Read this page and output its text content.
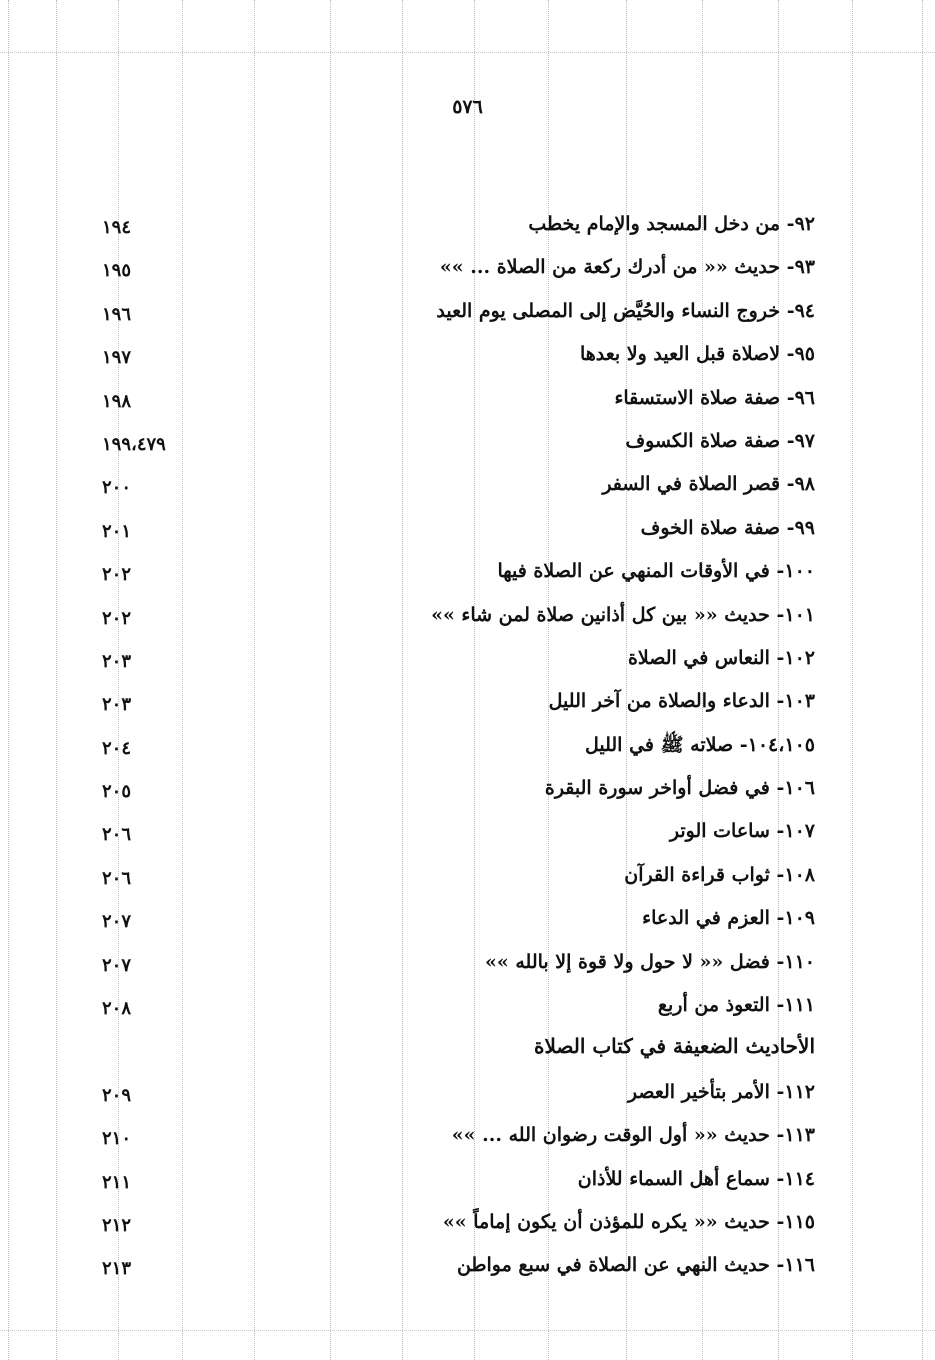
٥٧٦
٩٢- من دخل المسجد والإمام يخطب
١٩٤
٩٣- حديث «« من أدرك ركعة من الصلاة ... »»
١٩٥
٩٤- خروج النساء والحُيَّض إلى المصلى يوم العيد
١٩٦
٩٥- لاصلاة قبل العيد ولا بعدها
١٩٧
٩٦- صفة صلاة الاستسقاء
١٩٨
٩٧- صفة صلاة الكسوف
١٩٩،٤٧٩
٩٨- قصر الصلاة في السفر
٢٠٠
٩٩- صفة صلاة الخوف
٢٠١
١٠٠- في الأوقات المنهي عن الصلاة فيها
٢٠٢
١٠١- حديث «« بين كل أذانين صلاة لمن شاء »»
٢٠٢
١٠٢- النعاس في الصلاة
٢٠٣
١٠٣- الدعاء والصلاة من آخر الليل
٢٠٣
١٠٤،١٠٥- صلاته ﷺ في الليل
٢٠٤
١٠٦- في فضل أواخر سورة البقرة
٢٠٥
١٠٧- ساعات الوتر
٢٠٦
١٠٨- ثواب قراءة القرآن
٢٠٦
١٠٩- العزم في الدعاء
٢٠٧
١١٠- فضل «« لا حول ولا قوة إلا بالله »»
٢٠٧
١١١- التعوذ من أربع
٢٠٨
الأحاديث الضعيفة في كتاب الصلاة
١١٢- الأمر بتأخير العصر
٢٠٩
١١٣- حديث «« أول الوقت رضوان الله ... »»
٢١٠
١١٤- سماع أهل السماء للأذان
٢١١
١١٥- حديث «« يكره للمؤذن أن يكون إماماً »»
٢١٢
١١٦- حديث النهي عن الصلاة في سبع مواطن
٢١٣
